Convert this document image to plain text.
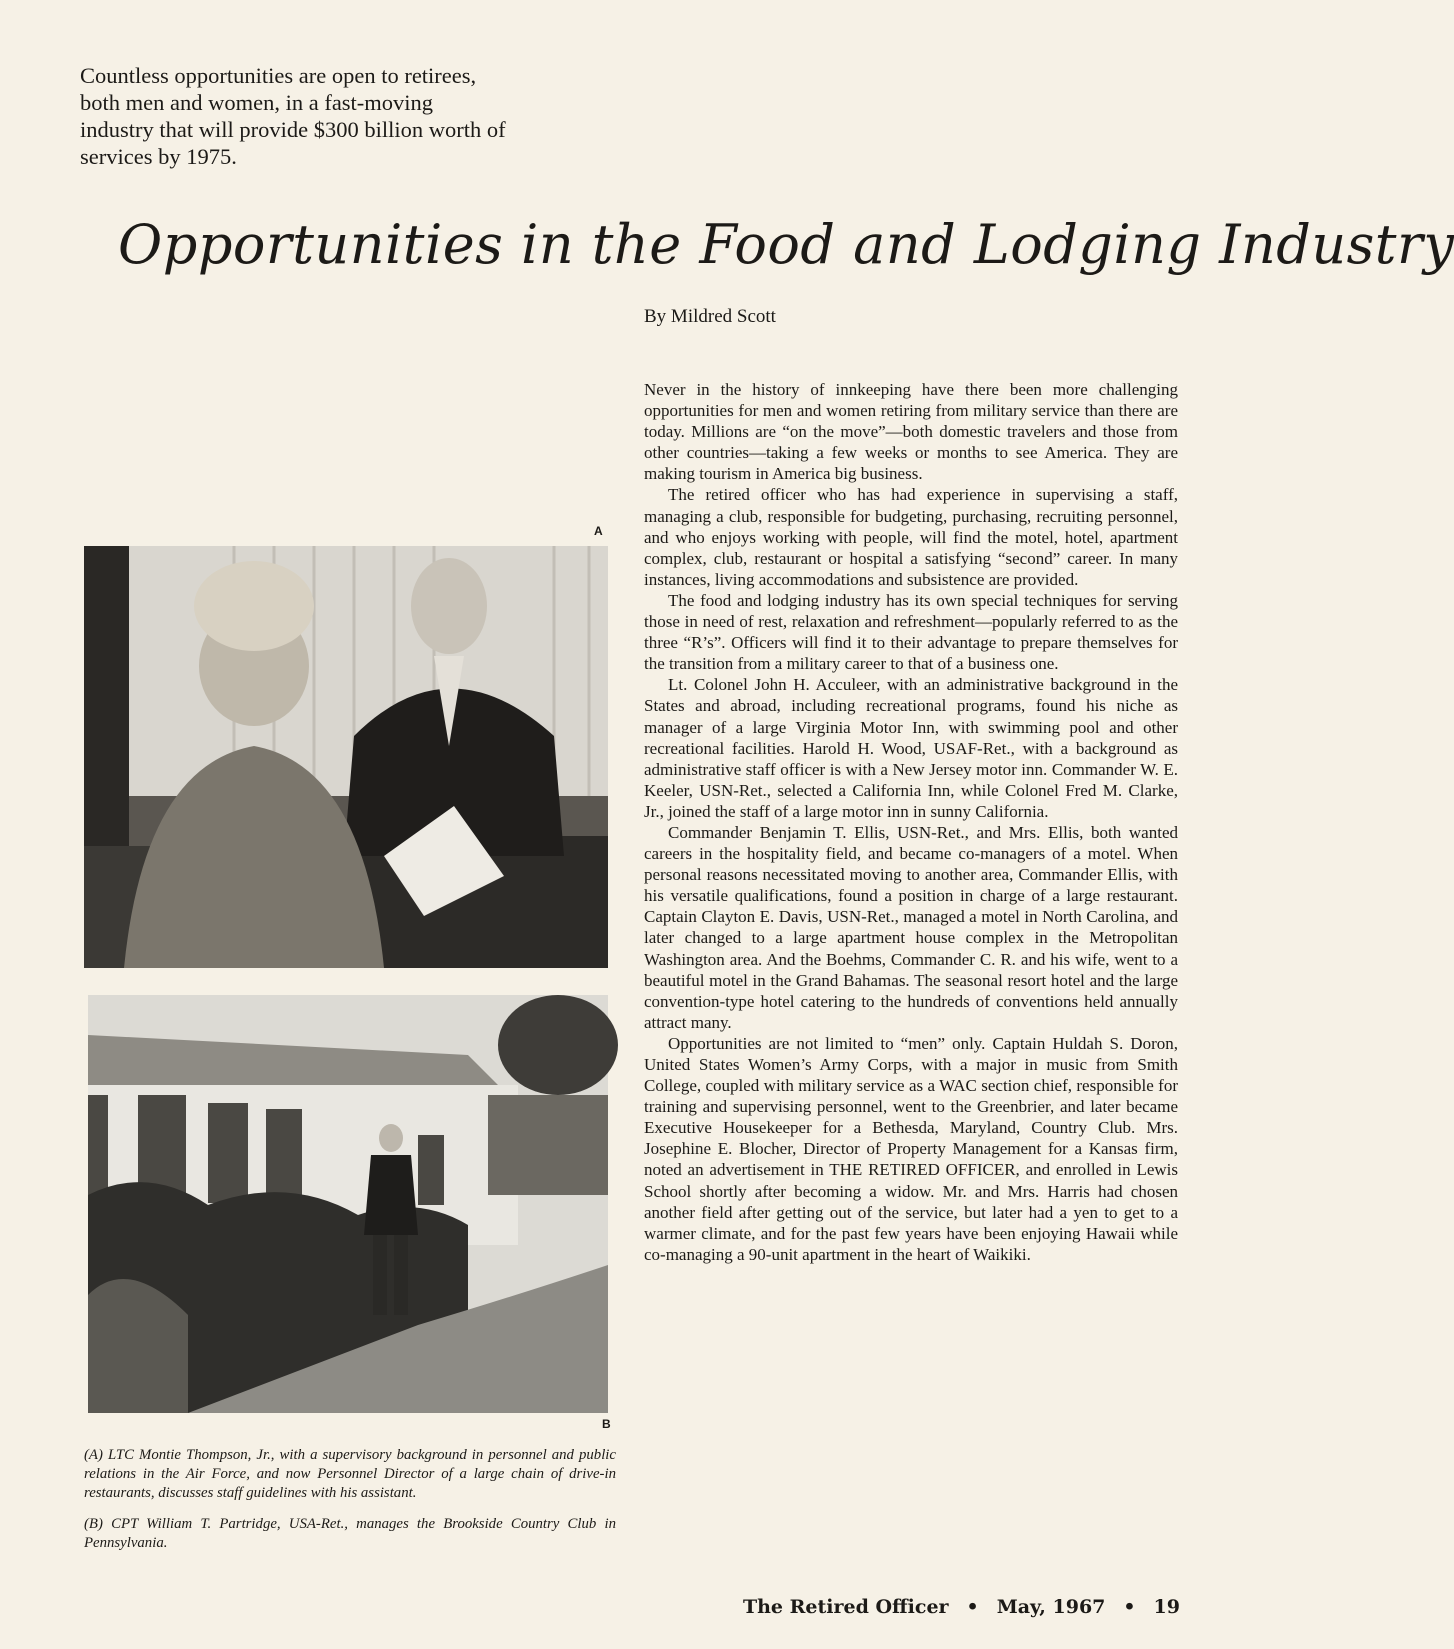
Countless opportunities are open to retirees, both men and women, in a fast-moving industry that will provide $300 billion worth of services by 1975.
Opportunities in the Food and Lodging Industry
By Mildred Scott
A
B

(A) LTC Montie Thompson, Jr., with a supervisory background in personnel and public relations in the Air Force, and now Personnel Director of a large chain of drive-in restaurants, discusses staff guidelines with his assistant.

(B) CPT William T. Partridge, USA-Ret., manages the Brookside Country Club in Pennsylvania.

Never in the history of innkeeping have there been more challenging opportunities for men and women retiring from military service than there are today. Millions are “on the move”—both domestic travelers and those from other countries—taking a few weeks or months to see America. They are making tourism in America big business.

The retired officer who has had experience in supervising a staff, managing a club, responsible for budgeting, purchasing, recruiting personnel, and who enjoys working with people, will find the motel, hotel, apartment complex, club, restaurant or hospital a satisfying “second” career. In many instances, living accommodations and subsistence are provided.

The food and lodging industry has its own special techniques for serving those in need of rest, relaxation and refreshment—popularly referred to as the three “R’s”. Officers will find it to their advantage to prepare themselves for the transition from a military career to that of a business one.

Lt. Colonel John H. Acculeer, with an administrative background in the States and abroad, including recreational programs, found his niche as manager of a large Virginia Motor Inn, with swimming pool and other recreational facilities. Harold H. Wood, USAF-Ret., with a background as administrative staff officer is with a New Jersey motor inn. Commander W. E. Keeler, USN-Ret., selected a California Inn, while Colonel Fred M. Clarke, Jr., joined the staff of a large motor inn in sunny California.

Commander Benjamin T. Ellis, USN-Ret., and Mrs. Ellis, both wanted careers in the hospitality field, and became co-managers of a motel. When personal reasons necessitated moving to another area, Commander Ellis, with his versatile qualifications, found a position in charge of a large restaurant. Captain Clayton E. Davis, USN-Ret., managed a motel in North Carolina, and later changed to a large apartment house complex in the Metropolitan Washington area. And the Boehms, Commander C. R. and his wife, went to a beautiful motel in the Grand Bahamas. The seasonal resort hotel and the large convention-type hotel catering to the hundreds of conventions held annually attract many.

Opportunities are not limited to “men” only. Captain Huldah S. Doron, United States Women’s Army Corps, with a major in music from Smith College, coupled with military service as a WAC section chief, responsible for training and supervising personnel, went to the Greenbrier, and later became Executive Housekeeper for a Bethesda, Maryland, Country Club. Mrs. Josephine E. Blocher, Director of Property Management for a Kansas firm, noted an advertisement in THE RETIRED OFFICER, and enrolled in Lewis School shortly after becoming a widow. Mr. and Mrs. Harris had chosen another field after getting out of the service, but later had a yen to get to a warmer climate, and for the past few years have been enjoying Hawaii while co-managing a 90-unit apartment in the heart of Waikiki.

The Retired Officer • May, 1967 • 19
